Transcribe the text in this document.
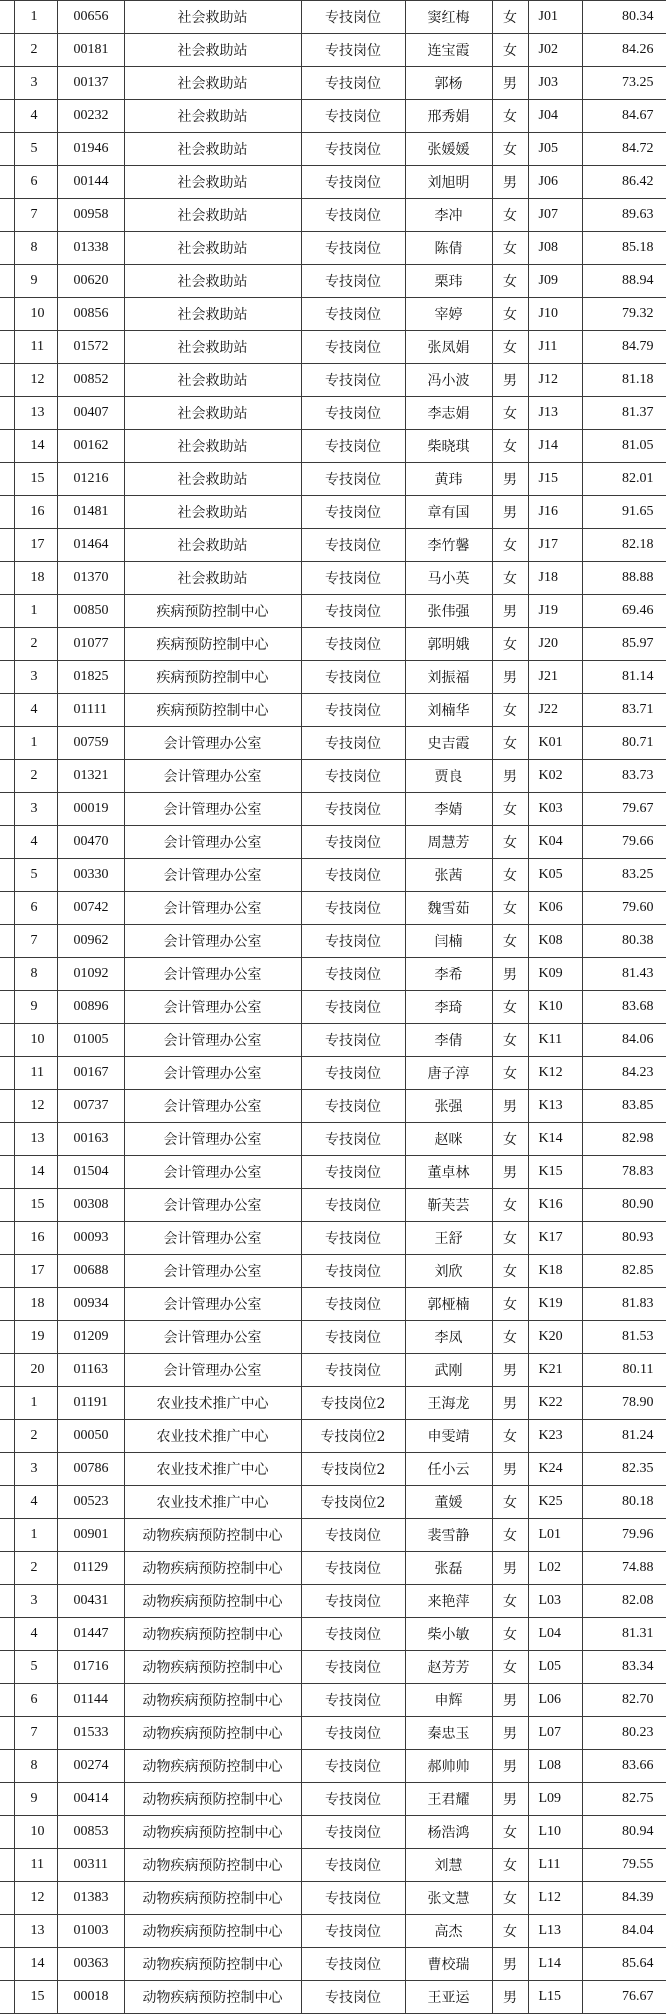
	1	00656	社会救助站	专技岗位	窦红梅	女	J01	80.34
	2	00181	社会救助站	专技岗位	连宝霞	女	J02	84.26
	3	00137	社会救助站	专技岗位	郭杨	男	J03	73.25
	4	00232	社会救助站	专技岗位	邢秀娟	女	J04	84.67
	5	01946	社会救助站	专技岗位	张媛媛	女	J05	84.72
	6	00144	社会救助站	专技岗位	刘旭明	男	J06	86.42
	7	00958	社会救助站	专技岗位	李冲	女	J07	89.63
	8	01338	社会救助站	专技岗位	陈倩	女	J08	85.18
	9	00620	社会救助站	专技岗位	栗玮	女	J09	88.94
	10	00856	社会救助站	专技岗位	宰婷	女	J10	79.32
	11	01572	社会救助站	专技岗位	张凤娟	女	J11	84.79
	12	00852	社会救助站	专技岗位	冯小波	男	J12	81.18
	13	00407	社会救助站	专技岗位	李志娟	女	J13	81.37
	14	00162	社会救助站	专技岗位	柴晓琪	女	J14	81.05
	15	01216	社会救助站	专技岗位	黄玮	男	J15	82.01
	16	01481	社会救助站	专技岗位	章有国	男	J16	91.65
	17	01464	社会救助站	专技岗位	李竹馨	女	J17	82.18
	18	01370	社会救助站	专技岗位	马小英	女	J18	88.88
	1	00850	疾病预防控制中心	专技岗位	张伟强	男	J19	69.46
	2	01077	疾病预防控制中心	专技岗位	郭明娥	女	J20	85.97
	3	01825	疾病预防控制中心	专技岗位	刘振福	男	J21	81.14
	4	01111	疾病预防控制中心	专技岗位	刘楠华	女	J22	83.71
	1	00759	会计管理办公室	专技岗位	史吉霞	女	K01	80.71
	2	01321	会计管理办公室	专技岗位	贾良	男	K02	83.73
	3	00019	会计管理办公室	专技岗位	李婧	女	K03	79.67
	4	00470	会计管理办公室	专技岗位	周慧芳	女	K04	79.66
	5	00330	会计管理办公室	专技岗位	张茜	女	K05	83.25
	6	00742	会计管理办公室	专技岗位	魏雪茹	女	K06	79.60
	7	00962	会计管理办公室	专技岗位	闫楠	女	K08	80.38
	8	01092	会计管理办公室	专技岗位	李希	男	K09	81.43
	9	00896	会计管理办公室	专技岗位	李琦	女	K10	83.68
	10	01005	会计管理办公室	专技岗位	李倩	女	K11	84.06
	11	00167	会计管理办公室	专技岗位	唐子淳	女	K12	84.23
	12	00737	会计管理办公室	专技岗位	张强	男	K13	83.85
	13	00163	会计管理办公室	专技岗位	赵咪	女	K14	82.98
	14	01504	会计管理办公室	专技岗位	董卓林	男	K15	78.83
	15	00308	会计管理办公室	专技岗位	靳芙芸	女	K16	80.90
	16	00093	会计管理办公室	专技岗位	王舒	女	K17	80.93
	17	00688	会计管理办公室	专技岗位	刘欣	女	K18	82.85
	18	00934	会计管理办公室	专技岗位	郭桠楠	女	K19	81.83
	19	01209	会计管理办公室	专技岗位	李凤	女	K20	81.53
	20	01163	会计管理办公室	专技岗位	武刚	男	K21	80.11
	1	01191	农业技术推广中心	专技岗位2	王海龙	男	K22	78.90
	2	00050	农业技术推广中心	专技岗位2	申雯靖	女	K23	81.24
	3	00786	农业技术推广中心	专技岗位2	任小云	男	K24	82.35
	4	00523	农业技术推广中心	专技岗位2	董媛	女	K25	80.18
	1	00901	动物疾病预防控制中心	专技岗位	裴雪静	女	L01	79.96
	2	01129	动物疾病预防控制中心	专技岗位	张磊	男	L02	74.88
	3	00431	动物疾病预防控制中心	专技岗位	来艳萍	女	L03	82.08
	4	01447	动物疾病预防控制中心	专技岗位	柴小敏	女	L04	81.31
	5	01716	动物疾病预防控制中心	专技岗位	赵芳芳	女	L05	83.34
	6	01144	动物疾病预防控制中心	专技岗位	申辉	男	L06	82.70
	7	01533	动物疾病预防控制中心	专技岗位	秦忠玉	男	L07	80.23
	8	00274	动物疾病预防控制中心	专技岗位	郝帅帅	男	L08	83.66
	9	00414	动物疾病预防控制中心	专技岗位	王君耀	男	L09	82.75
	10	00853	动物疾病预防控制中心	专技岗位	杨浩鸿	女	L10	80.94
	11	00311	动物疾病预防控制中心	专技岗位	刘慧	女	L11	79.55
	12	01383	动物疾病预防控制中心	专技岗位	张文慧	女	L12	84.39
	13	01003	动物疾病预防控制中心	专技岗位	高杰	女	L13	84.04
	14	00363	动物疾病预防控制中心	专技岗位	曹校瑞	男	L14	85.64
	15	00018	动物疾病预防控制中心	专技岗位	王亚运	男	L15	76.67
